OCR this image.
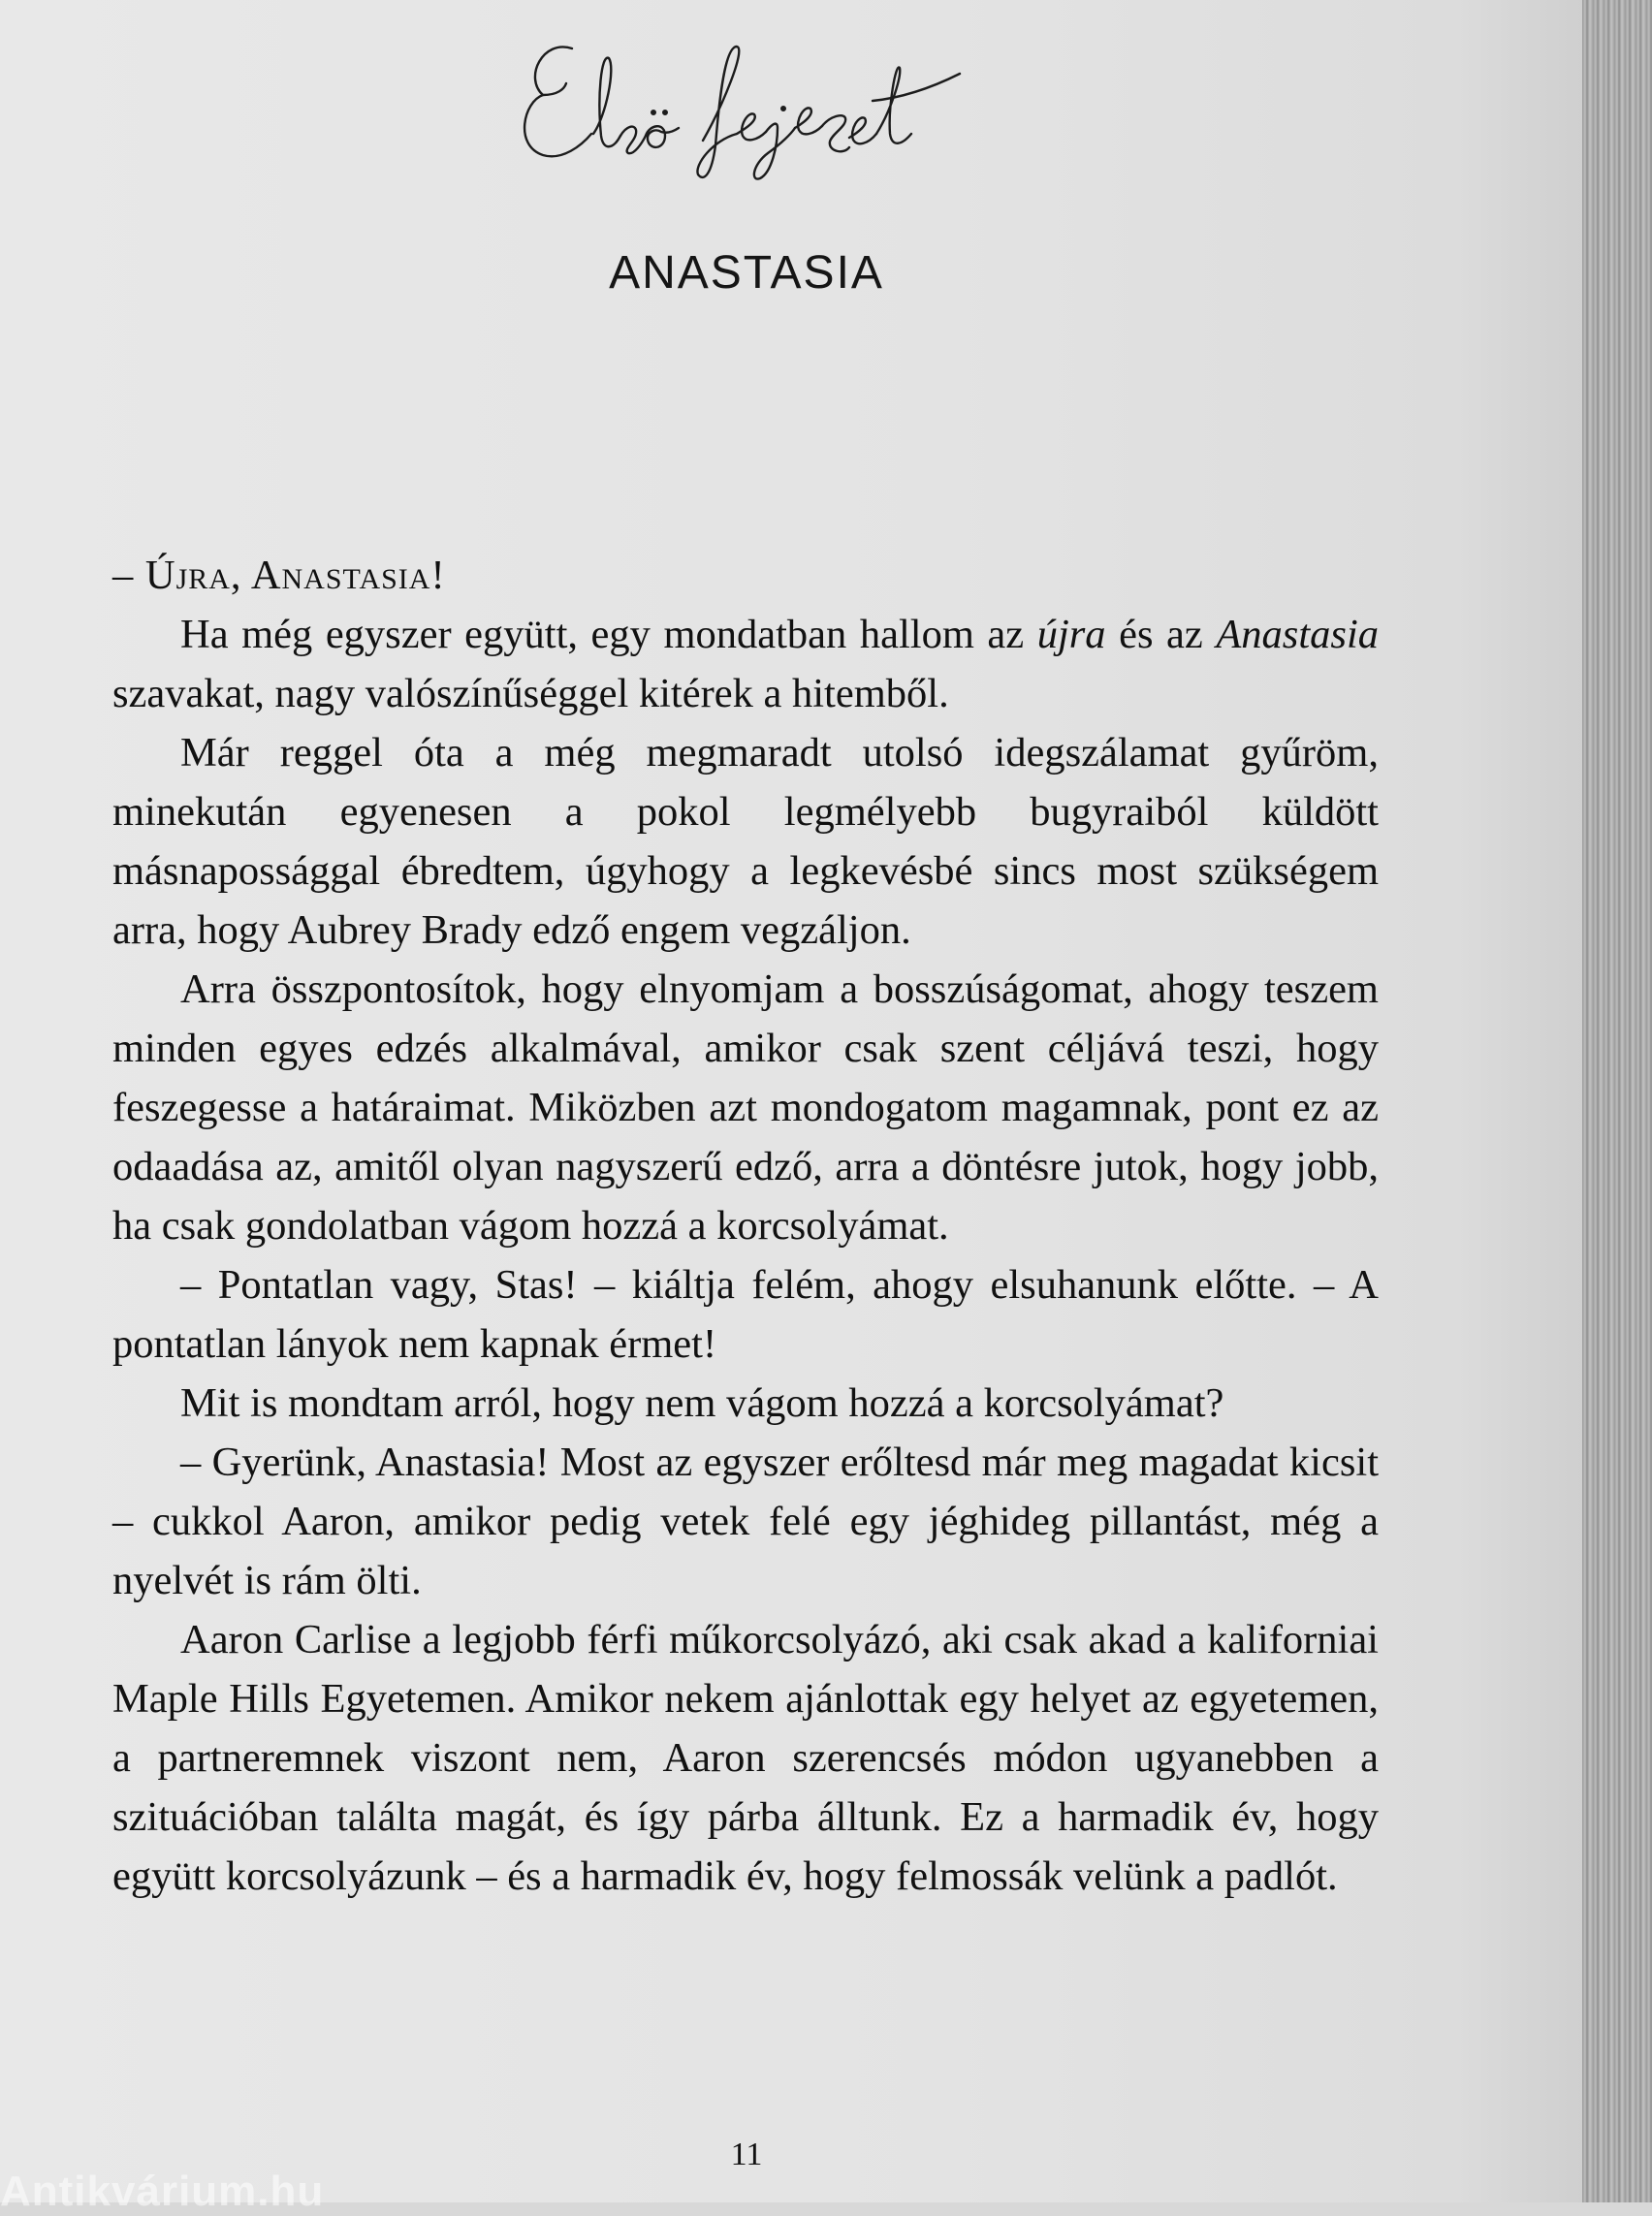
ANASTASIA

– Újra, Anastasia!

Ha még egyszer együtt, egy mondatban hallom az újra és az Anastasia szavakat, nagy valószínűséggel kitérek a hitemből.

Már reggel óta a még megmaradt utolsó idegszálamat gyűröm, minekután egyenesen a pokol legmélyebb bugyraiból küldött másnapossággal ébredtem, úgyhogy a legkevésbé sincs most szükségem arra, hogy Aubrey Brady edző engem vegzáljon.

Arra összpontosítok, hogy elnyomjam a bosszúságomat, ahogy teszem minden egyes edzés alkalmával, amikor csak szent céljává teszi, hogy feszegesse a határaimat. Miközben azt mondogatom magamnak, pont ez az odaadása az, amitől olyan nagyszerű edző, arra a döntésre jutok, hogy jobb, ha csak gondolatban vágom hozzá a korcsolyámat.

– Pontatlan vagy, Stas! – kiáltja felém, ahogy elsuhanunk előtte. – A pontatlan lányok nem kapnak érmet!

Mit is mondtam arról, hogy nem vágom hozzá a korcsolyámat?

– Gyerünk, Anastasia! Most az egyszer erőltesd már meg magadat kicsit – cukkol Aaron, amikor pedig vetek felé egy jéghideg pillantást, még a nyelvét is rám ölti.

Aaron Carlise a legjobb férfi műkorcsolyázó, aki csak akad a kaliforniai Maple Hills Egyetemen. Amikor nekem ajánlottak egy helyet az egyetemen, a partneremnek viszont nem, Aaron szerencsés módon ugyanebben a szituációban találta magát, és így párba álltunk. Ez a harmadik év, hogy együtt korcsolyázunk – és a harmadik év, hogy felmossák velünk a padlót.

11
Antikvárium.hu
